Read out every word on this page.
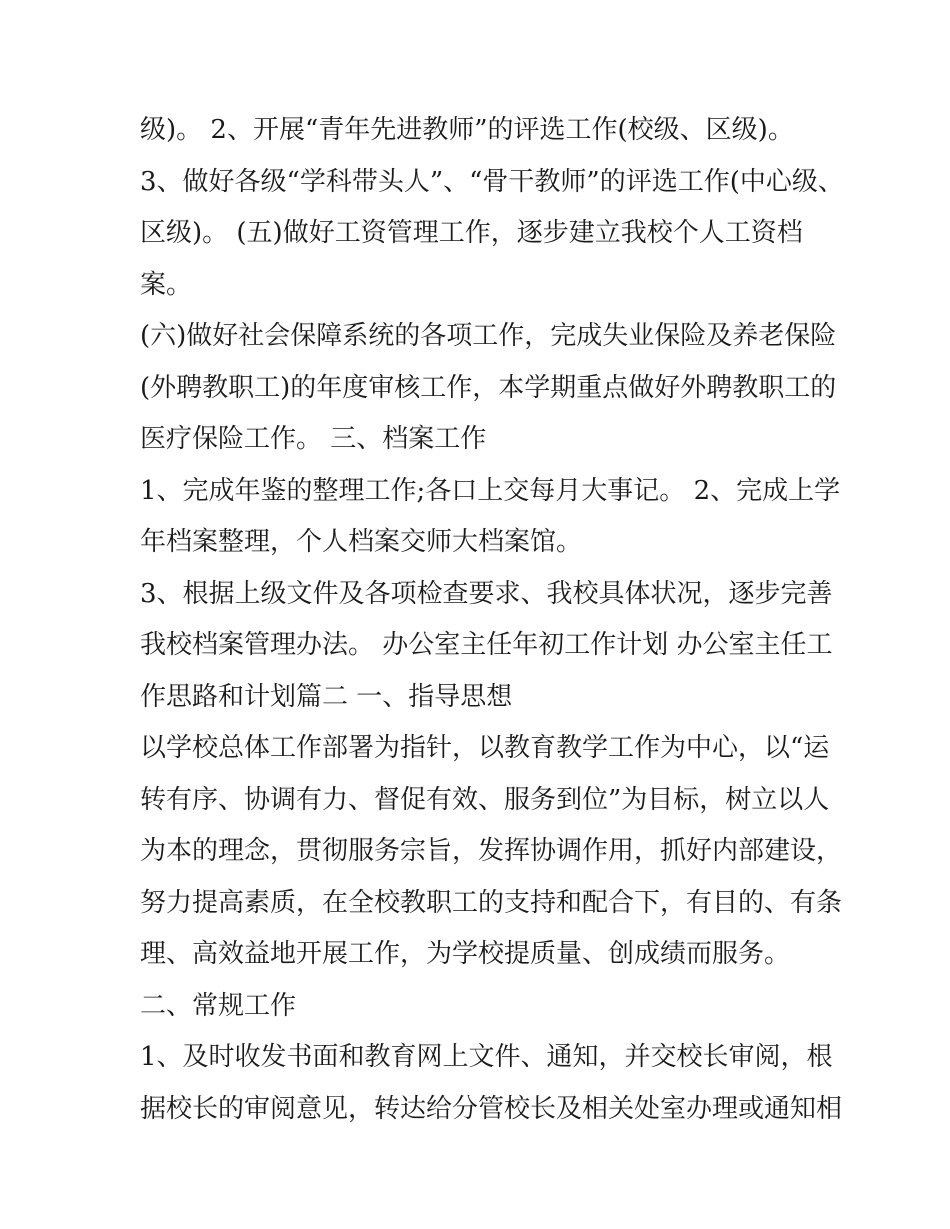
级)。 2、开展“青年先进教师”的评选工作(校级、区级)。
3、做好各级“学科带头人”、“骨干教师”的评选工作(中心级、
区级)。 (五)做好工资管理工作，逐步建立我校个人工资档
案。
(六)做好社会保障系统的各项工作，完成失业保险及养老保险
(外聘教职工)的年度审核工作，本学期重点做好外聘教职工的
医疗保险工作。 三、档案工作
1、完成年鉴的整理工作;各口上交每月大事记。 2、完成上学
年档案整理，个人档案交师大档案馆。
3、根据上级文件及各项检查要求、我校具体状况，逐步完善
我校档案管理办法。 办公室主任年初工作计划 办公室主任工
作思路和计划篇二 一、指导思想
以学校总体工作部署为指针，以教育教学工作为中心，以“运
转有序、协调有力、督促有效、服务到位”为目标，树立以人
为本的理念，贯彻服务宗旨，发挥协调作用，抓好内部建设，
努力提高素质，在全校教职工的支持和配合下，有目的、有条
理、高效益地开展工作，为学校提质量、创成绩而服务。
二、常规工作
1、及时收发书面和教育网上文件、通知，并交校长审阅，根
据校长的审阅意见，转达给分管校长及相关处室办理或通知相
